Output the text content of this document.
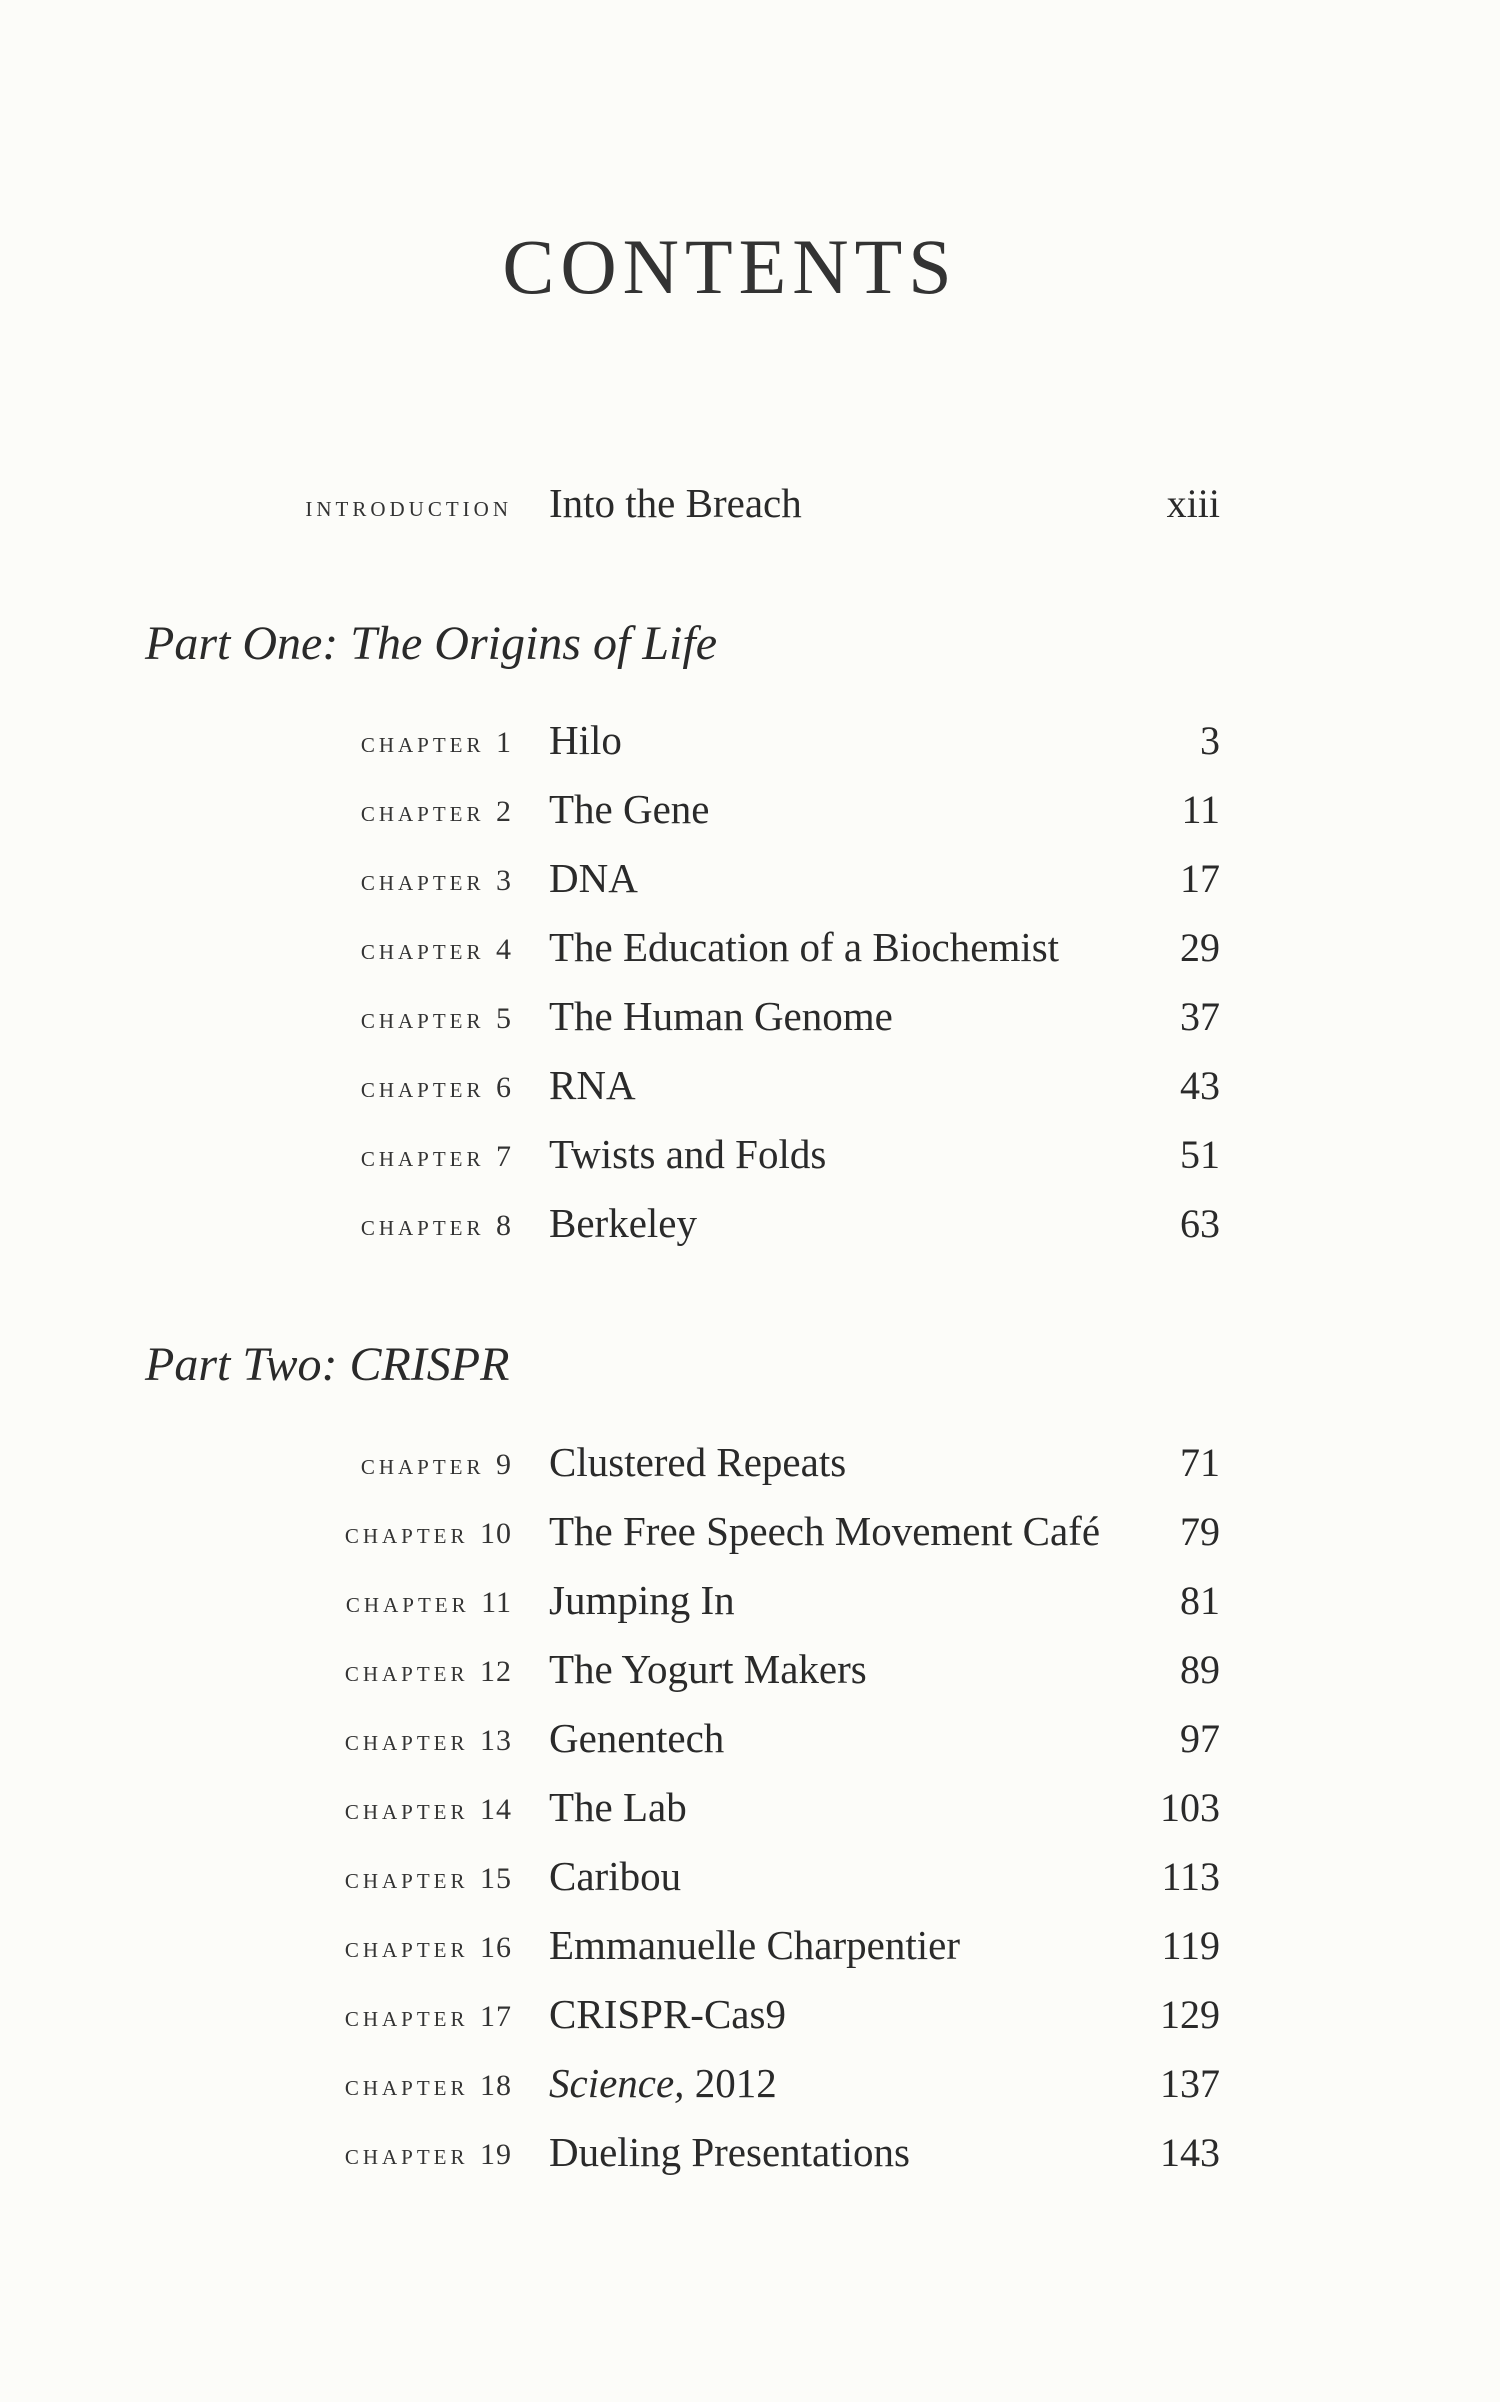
CONTENTS
introduction Into the Breach	xiii
Part One: The Origins of Life
chapter 1 Hilo	3
chapter 2 The Gene	11
chapter 3 DNA	17
chapter 4 The Education of a Biochemist	29
chapter 5 The Human Genome	37
chapter 6 RNA	43
chapter 7 Twists and Folds	51
chapter 8 Berkeley	63
Part Two: CRISPR
chapter 9 Clustered Repeats	71
chapter 10 The Free Speech Movement Café 79
chapter 11 Jumping In	81
chapter 12 The Yogurt Makers	89
chapter 13 Genentech	97
chapter 14 The Lab	103
chapter 15 Caribou	113
chapter 16 Emmanuelle Charpentier	119
chapter 17 CRISPR-Cas9	129
chapter 18 Science, 2012	137
chapter 19 Dueling Presentations	143
